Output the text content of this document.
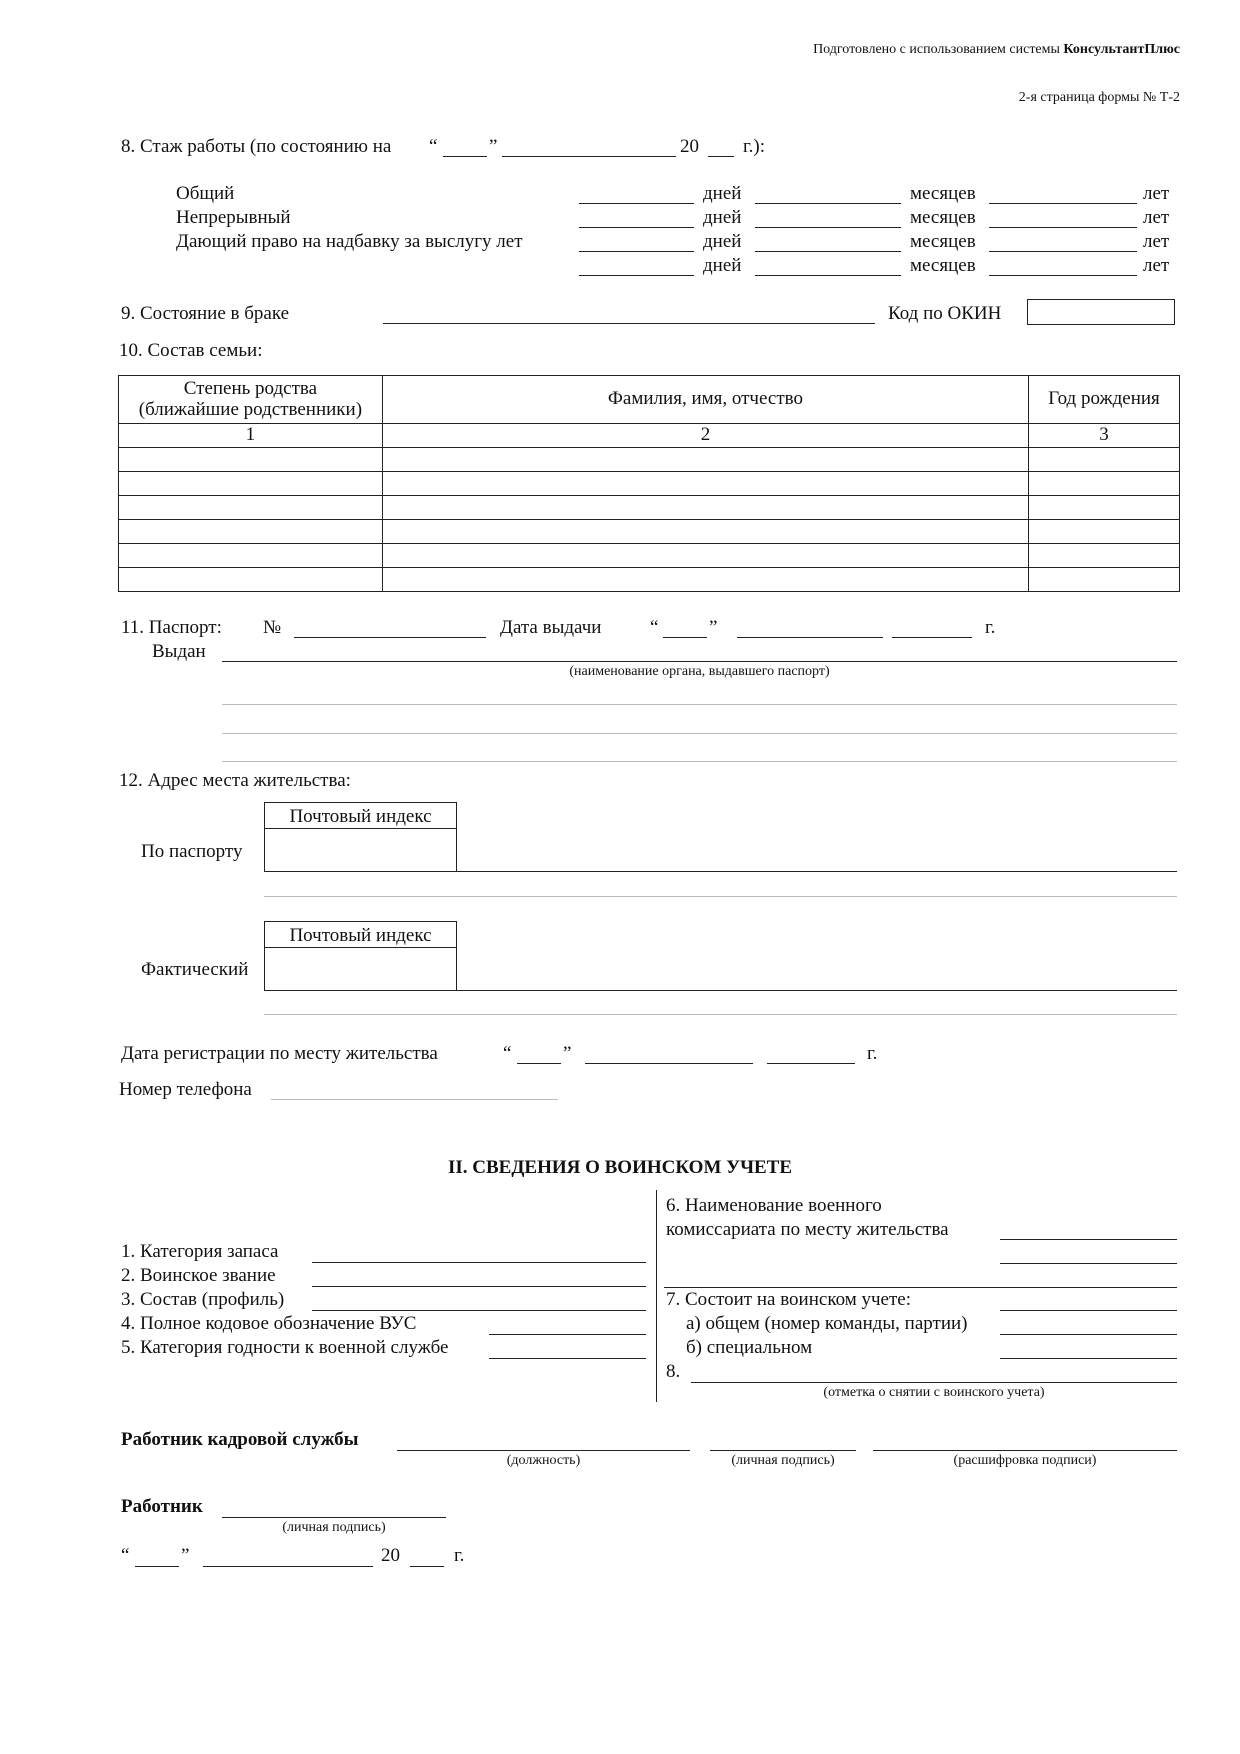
Подготовлено с использованием системы КонсультантПлюс
2-я страница формы № Т-2
8. Стаж работы (по состоянию на “	”	20 г.):
Общий	дней	месяцев	лет
Непрерывный	дней	месяцев	лет
Дающий право на надбавку за выслугу лет	дней	месяцев	лет
дней	месяцев	лет
9. Состояние в браке	Код по ОКИН
10. Состав семьи:
Степень родства
(ближайшие родственники)	Фамилия, имя, отчество	Год рождения
1	2	3

11. Паспорт: №	Дата выдачи	“	”	г.
Выдан
(наименование органа, выдавшего паспорт)
12. Адрес места жительства:
Почтовый индекс
По паспорту
Почтовый индекс
Фактический
Дата регистрации по месту жительства	“	”	г.
Номер телефона
II. СВЕДЕНИЯ О ВОИНСКОМ УЧЕТЕ
1. Категория запаса
2. Воинское звание
3. Состав (профиль)
4. Полное кодовое обозначение ВУС
5. Категория годности к военной службе
6. Наименование военного
комиссариата по месту жительства
7. Состоит на воинском учете:
а) общем (номер команды, партии)
б) специальном
8.
(отметка о снятии с воинского учета)
Работник кадровой службы
(должность)	(личная подпись)	(расшифровка подписи)
Работник
(личная подпись)
“	”	20	г.
